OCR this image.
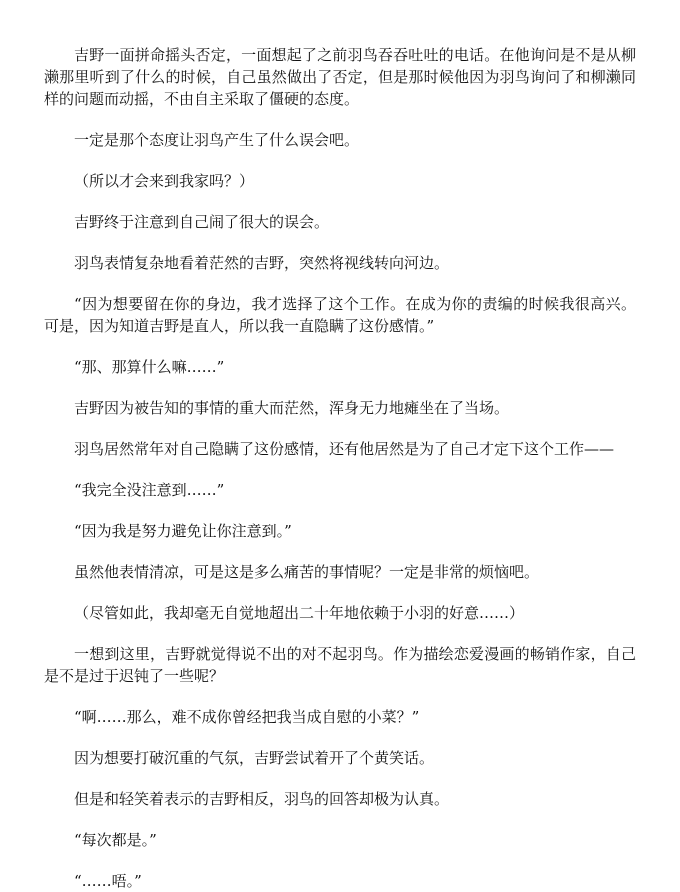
吉野一面拼命摇头否定，一面想起了之前羽鸟吞吞吐吐的电话。在他询问是不是从柳濑那里听到了什么的时候，自己虽然做出了否定，但是那时候他因为羽鸟询问了和柳濑同样的问题而动摇，不由自主采取了僵硬的态度。

一定是那个态度让羽鸟产生了什么误会吧。

（所以才会来到我家吗？）

吉野终于注意到自己闹了很大的误会。

羽鸟表情复杂地看着茫然的吉野，突然将视线转向河边。

“因为想要留在你的身边，我才选择了这个工作。在成为你的责编的时候我很高兴。可是，因为知道吉野是直人，所以我一直隐瞒了这份感情。”

“那、那算什么嘛……”

吉野因为被告知的事情的重大而茫然，浑身无力地瘫坐在了当场。

羽鸟居然常年对自己隐瞒了这份感情，还有他居然是为了自己才定下这个工作——

“我完全没注意到……”

“因为我是努力避免让你注意到。”

虽然他表情清凉，可是这是多么痛苦的事情呢？一定是非常的烦恼吧。

（尽管如此，我却毫无自觉地超出二十年地依赖于小羽的好意……）

一想到这里，吉野就觉得说不出的对不起羽鸟。作为描绘恋爱漫画的畅销作家，自己是不是过于迟钝了一些呢？

“啊……那么，难不成你曾经把我当成自慰的小菜？”

因为想要打破沉重的气氛，吉野尝试着开了个黄笑话。

但是和轻笑着表示的吉野相反，羽鸟的回答却极为认真。

“每次都是。”

“……唔。”
